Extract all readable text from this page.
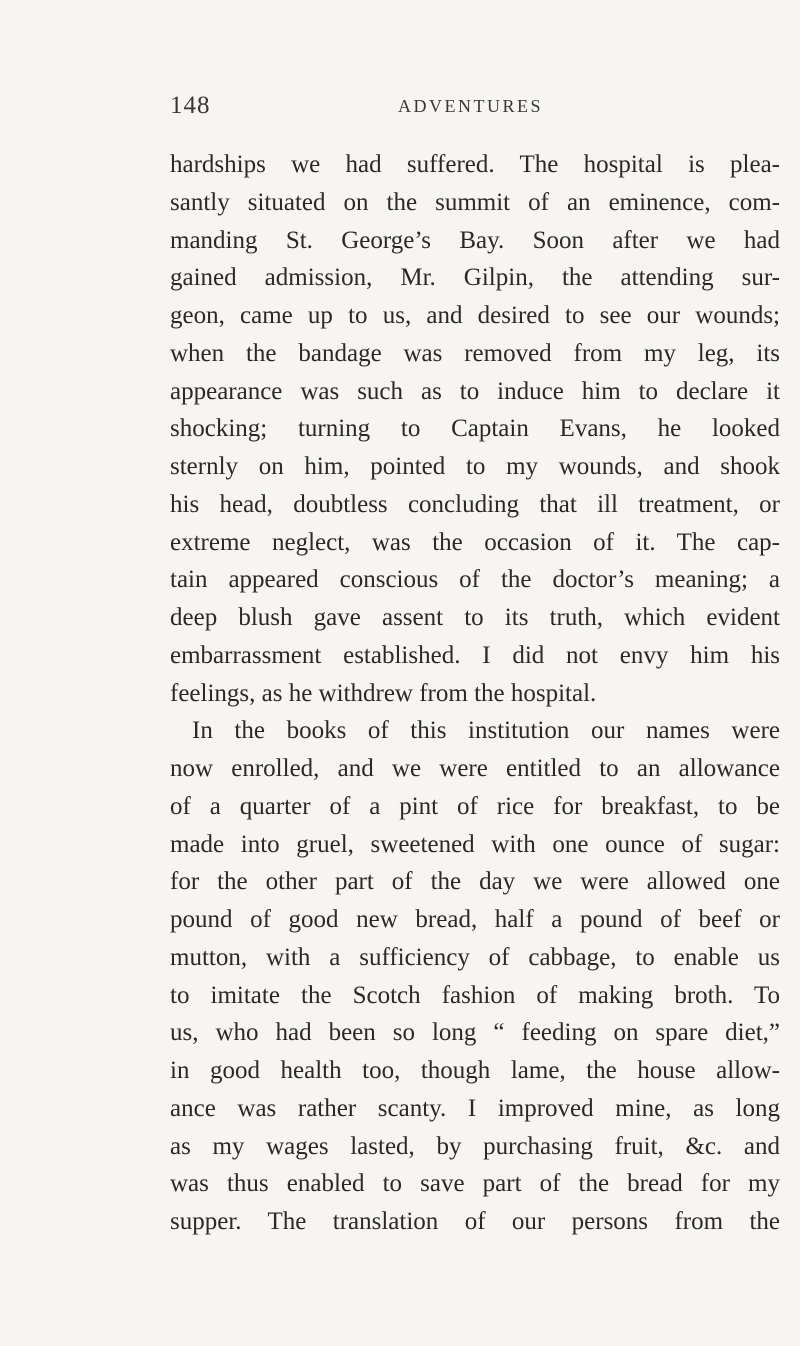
148	ADVENTURES
hardships we had suffered. The hospital is plea-
santly situated on the summit of an eminence, com-
manding St. George’s Bay. Soon after we had
gained admission, Mr. Gilpin, the attending sur-
geon, came up to us, and desired to see our wounds;
when the bandage was removed from my leg, its
appearance was such as to induce him to declare it
shocking; turning to Captain Evans, he looked
sternly on him, pointed to my wounds, and shook
his head, doubtless concluding that ill treatment, or
extreme neglect, was the occasion of it. The cap-
tain appeared conscious of the doctor’s meaning; a
deep blush gave assent to its truth, which evident
embarrassment established. I did not envy him his
feelings, as he withdrew from the hospital.
In the books of this institution our names were
now enrolled, and we were entitled to an allowance
of a quarter of a pint of rice for breakfast, to be
made into gruel, sweetened with one ounce of sugar:
for the other part of the day we were allowed one
pound of good new bread, half a pound of beef or
mutton, with a sufficiency of cabbage, to enable us
to imitate the Scotch fashion of making broth. To
us, who had been so long “ feeding on spare diet,”
in good health too, though lame, the house allow-
ance was rather scanty. I improved mine, as long
as my wages lasted, by purchasing fruit, &c. and
was thus enabled to save part of the bread for my
supper. The translation of our persons from the
